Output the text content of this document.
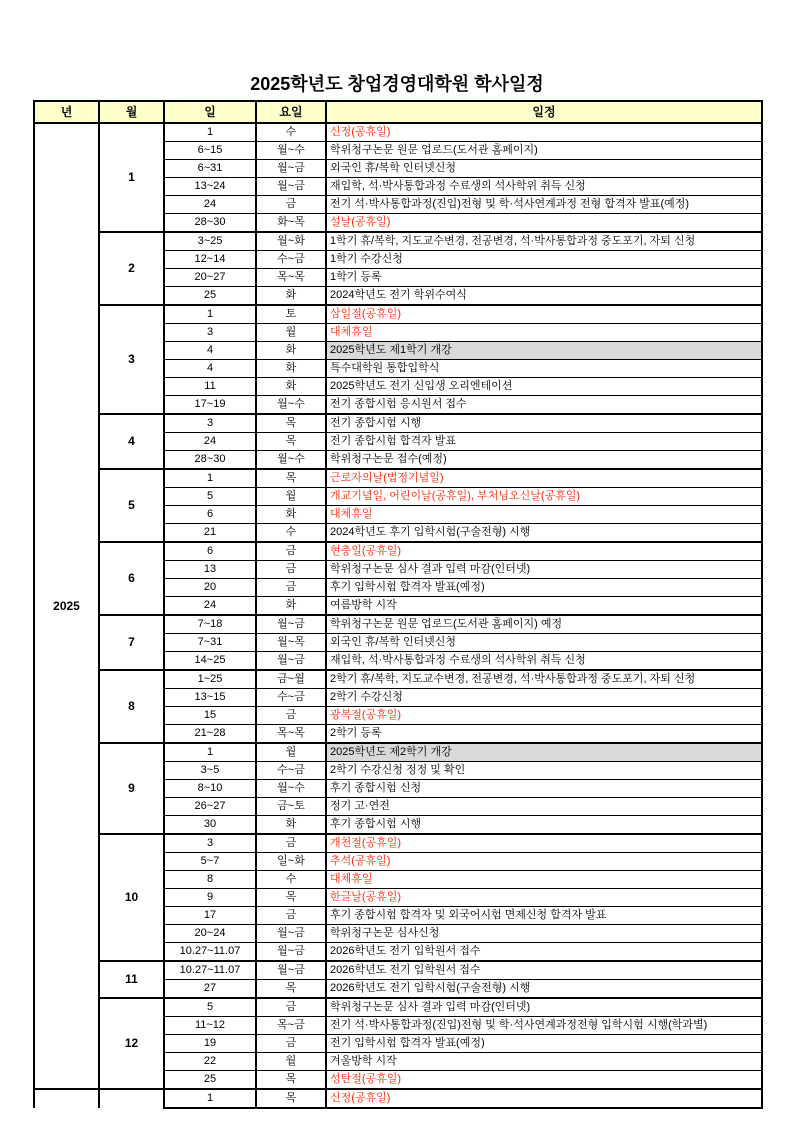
2025학년도 창업경영대학원 학사일정
년	월	일	요일	일정
2025	1	1	수	신정(공휴일)
		6~15	월~수	학위청구논문 원문 업로드(도서관 홈페이지)
		6~31	월~금	외국인 휴/복학 인터넷신청
		13~24	월~금	재입학, 석·박사통합과정 수료생의 석사학위 취득 신청
		24	금	전기 석·박사통합과정(진입)전형 및 학·석사연계과정 전형 합격자 발표(예정)
		28~30	화~목	설날(공휴일)
	2	3~25	월~화	1학기 휴/복학, 지도교수변경, 전공변경, 석·박사통합과정 중도포기, 자퇴 신청
		12~14	수~금	1학기 수강신청
		20~27	목~목	1학기 등록
		25	화	2024학년도 전기 학위수여식
	3	1	토	삼일절(공휴일)
		3	월	대체휴일
		4	화	2025학년도 제1학기 개강
		4	화	특수대학원 통합입학식
		11	화	2025학년도 전기 신입생 오리엔테이션
		17~19	월~수	전기 종합시험 응시원서 접수
	4	3	목	전기 종합시험 시행
		24	목	전기 종합시험 합격자 발표
		28~30	월~수	학위청구논문 접수(예정)
	5	1	목	근로자의날(법정기념일)
		5	월	개교기념일, 어린이날(공휴일), 부처님오신날(공휴일)
		6	화	대체휴일
		21	수	2024학년도 후기 입학시험(구술전형) 시행
	6	6	금	현충일(공휴일)
		13	금	학위청구논문 심사 결과 입력 마감(인터넷)
		20	금	후기 입학시험 합격자 발표(예정)
		24	화	여름방학 시작
	7	7~18	월~금	학위청구논문 원문 업로드(도서관 홈페이지) 예정
		7~31	월~목	외국인 휴/복학 인터넷신청
		14~25	월~금	재입학, 석·박사통합과정 수료생의 석사학위 취득 신청
	8	1~25	금~월	2학기 휴/복학, 지도교수변경, 전공변경, 석·박사통합과정 중도포기, 자퇴 신청
		13~15	수~금	2학기 수강신청
		15	금	광복절(공휴일)
		21~28	목~목	2학기 등록
	9	1	월	2025학년도 제2학기 개강
		3~5	수~금	2학기 수강신청 정정 및 확인
		8~10	월~수	후기 종합시험 신청
		26~27	금~토	정기 고·연전
		30	화	후기 종합시험 시행
	10	3	금	개천절(공휴일)
		5~7	일~화	추석(공휴일)
		8	수	대체휴일
		9	목	한글날(공휴일)
		17	금	후기 종합시험 합격자 및 외국어시험 면제신청 합격자 발표
		20~24	월~금	학위청구논문 심사신청
		10.27~11.07	월~금	2026학년도 전기 입학원서 접수
	11	10.27~11.07	월~금	2026학년도 전기 입학원서 접수
		27	목	2026학년도 전기 입학시험(구술전형) 시행
	12	5	금	학위청구논문 심사 결과 입력 마감(인터넷)
		11~12	목~금	전기 석·박사통합과정(진입)전형 및 학·석사연계과정전형 입학시험 시행(학과별)
		19	금	전기 입학시험 합격자 발표(예정)
		22	월	겨울방학 시작
		25	목	성탄절(공휴일)
		1	목	신정(공휴일)
